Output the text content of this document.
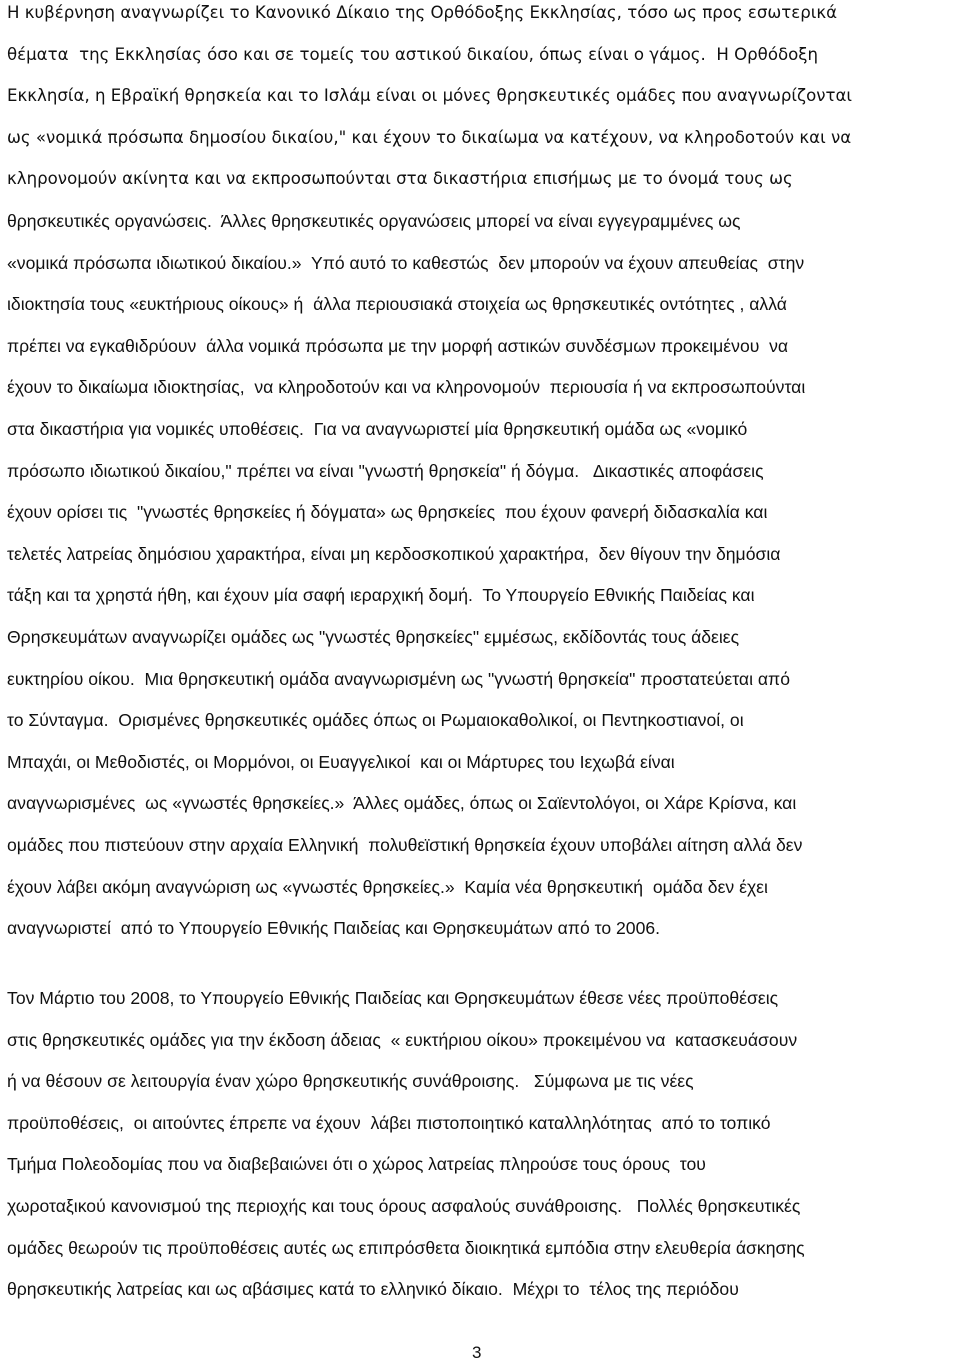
Η κυβέρνηση αναγνωρίζει το Κανονικό Δίκαιο της Ορθόδοξης Εκκλησίας, τόσο ως προς εσωτερικά
θέματα  της Εκκλησίας όσο και σε τομείς του αστικού δικαίου, όπως είναι ο γάμος.  Η Ορθόδοξη
Εκκλησία, η Εβραϊκή θρησκεία και το Ισλάμ είναι οι μόνες θρησκευτικές ομάδες που αναγνωρίζονται
ως «νομικά πρόσωπα δημοσίου δικαίου," και έχουν το δικαίωμα να κατέχουν, να κληροδοτούν και να
κληρονομούν ακίνητα και να εκπροσωπούνται στα δικαστήρια επισήμως με το όνομά τους ως
θρησκευτικές οργανώσεις.  Άλλες θρησκευτικές οργανώσεις μπορεί να είναι εγγεγραμμένες ως
«νομικά πρόσωπα ιδιωτικού δικαίου.»  Υπό αυτό το καθεστώς  δεν μπορούν να έχουν απευθείας  στην
ιδιοκτησία τους «ευκτήριους οίκους» ή  άλλα περιουσιακά στοιχεία ως θρησκευτικές οντότητες , αλλά
πρέπει να εγκαθιδρύουν  άλλα νομικά πρόσωπα με την μορφή αστικών συνδέσμων προκειμένου  να
έχουν το δικαίωμα ιδιοκτησίας,  να κληροδοτούν και να κληρονομούν  περιουσία ή να εκπροσωπούνται
στα δικαστήρια για νομικές υποθέσεις.  Για να αναγνωριστεί μία θρησκευτική ομάδα ως «νομικό
πρόσωπο ιδιωτικού δικαίου," πρέπει να είναι "γνωστή θρησκεία" ή δόγμα.   Δικαστικές αποφάσεις
έχουν ορίσει τις  "γνωστές θρησκείες ή δόγματα» ως θρησκείες  που έχουν φανερή διδασκαλία και
τελετές λατρείας δημόσιου χαρακτήρα, είναι μη κερδοσκοπικού χαρακτήρα,  δεν θίγουν την δημόσια
τάξη και τα χρηστά ήθη, και έχουν μία σαφή ιεραρχική δομή.  Το Υπουργείο Εθνικής Παιδείας και
Θρησκευμάτων αναγνωρίζει ομάδες ως "γνωστές θρησκείες" εμμέσως, εκδίδοντάς τους άδειες
ευκτηρίου οίκου.  Μια θρησκευτική ομάδα αναγνωρισμένη ως "γνωστή θρησκεία" προστατεύεται από
το Σύνταγμα.  Ορισμένες θρησκευτικές ομάδες όπως οι Ρωμαιοκαθολικοί, οι Πεντηκοστιανοί, οι
Μπαχάι, οι Μεθοδιστές, οι Μορμόνοι, οι Ευαγγελικοί  και οι Μάρτυρες του Ιεχωβά είναι
αναγνωρισμένες  ως «γνωστές θρησκείες.»  Άλλες ομάδες, όπως οι Σαϊεντολόγοι, οι Χάρε Κρίσνα, και
ομάδες που πιστεύουν στην αρχαία Ελληνική  πολυθεϊστική θρησκεία έχουν υποβάλει αίτηση αλλά δεν
έχουν λάβει ακόμη αναγνώριση ως «γνωστές θρησκείες.»  Καμία νέα θρησκευτική  ομάδα δεν έχει
αναγνωριστεί  από το Υπουργείο Εθνικής Παιδείας και Θρησκευμάτων από το 2006.
Τον Μάρτιο του 2008, το Υπουργείο Εθνικής Παιδείας και Θρησκευμάτων έθεσε νέες προϋποθέσεις
στις θρησκευτικές ομάδες για την έκδοση άδειας  « ευκτήριου οίκου» προκειμένου να  κατασκευάσουν
ή να θέσουν σε λειτουργία έναν χώρο θρησκευτικής συνάθροισης.   Σύμφωνα με τις νέες
προϋποθέσεις,  οι αιτούντες έπρεπε να έχουν  λάβει πιστοποιητικό καταλληλότητας  από το τοπικό
Τμήμα Πολεοδομίας που να διαβεβαιώνει ότι ο χώρος λατρείας πληρούσε τους όρους  του
χωροταξικού κανονισμού της περιοχής και τους όρους ασφαλούς συνάθροισης.   Πολλές θρησκευτικές
ομάδες θεωρούν τις προϋποθέσεις αυτές ως επιπρόσθετα διοικητικά εμπόδια στην ελευθερία άσκησης
θρησκευτικής λατρείας και ως αβάσιμες κατά το ελληνικό δίκαιο.  Μέχρι το  τέλος της περιόδου
3
